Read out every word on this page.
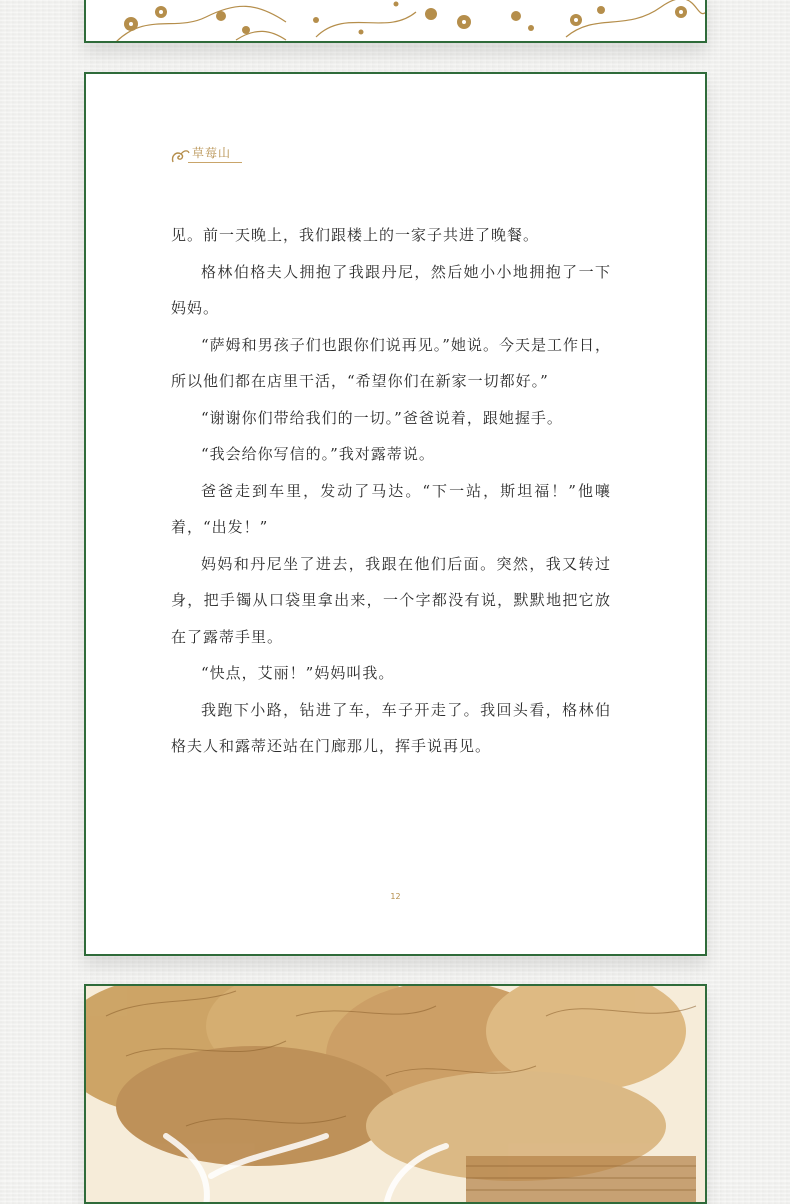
草莓山

见。前一天晚上，我们跟楼上的一家子共进了晚餐。

格林伯格夫人拥抱了我跟丹尼，然后她小小地拥抱了一下妈妈。

“萨姆和男孩子们也跟你们说再见。”她说。今天是工作日，所以他们都在店里干活，“希望你们在新家一切都好。”

“谢谢你们带给我们的一切。”爸爸说着，跟她握手。

“我会给你写信的。”我对露蒂说。

爸爸走到车里，发动了马达。“下一站，斯坦福！”他嚷着，“出发！”

妈妈和丹尼坐了进去，我跟在他们后面。突然，我又转过身，把手镯从口袋里拿出来，一个字都没有说，默默地把它放在了露蒂手里。

“快点，艾丽！”妈妈叫我。

我跑下小路，钻进了车，车子开走了。我回头看，格林伯格夫人和露蒂还站在门廊那儿，挥手说再见。

12
